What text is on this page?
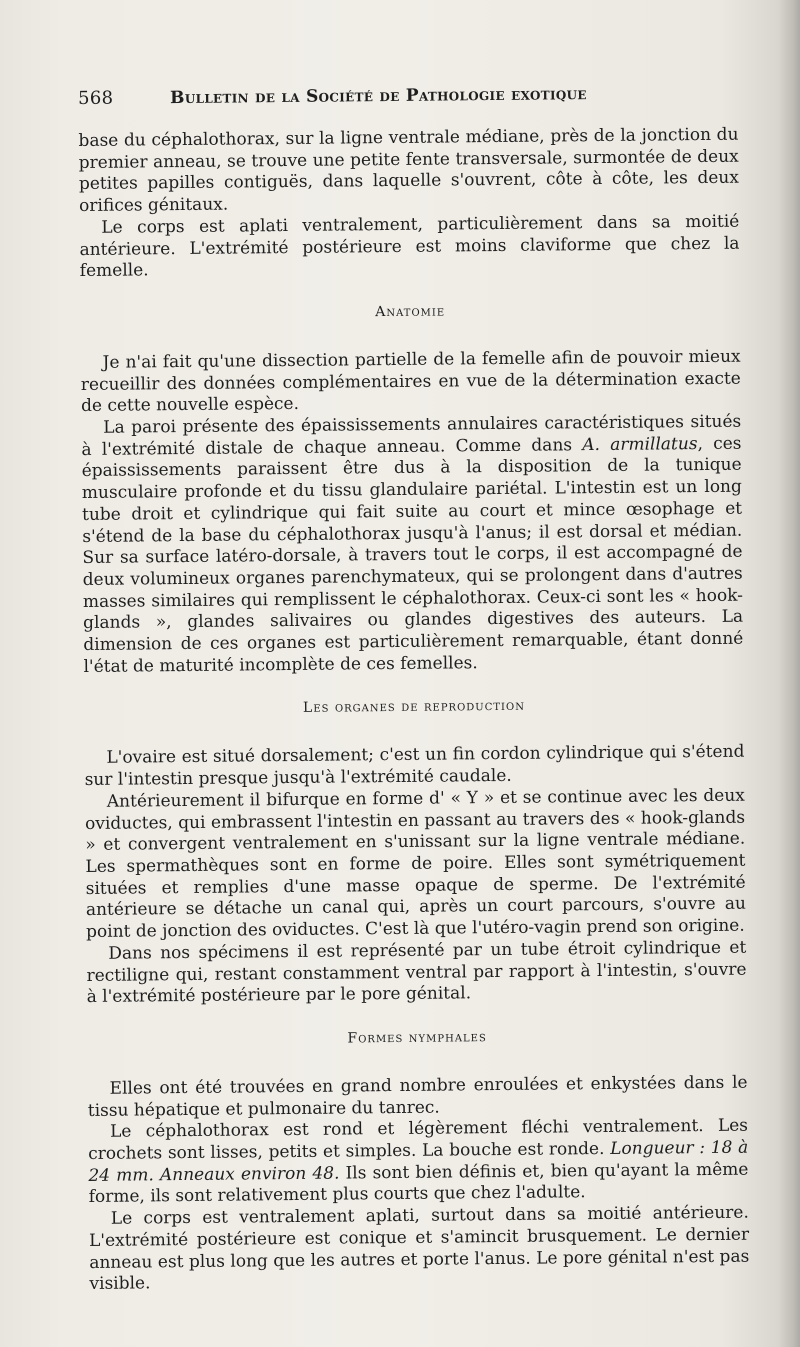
568	Bulletin de la Société de Pathologie exotique

base du céphalothorax, sur la ligne ventrale médiane, près de la jonction du premier anneau, se trouve une petite fente transversale, surmontée de deux petites papilles contiguës, dans laquelle s'ouvrent, côte à côte, les deux orifices génitaux.

Le corps est aplati ventralement, particulièrement dans sa moitié antérieure. L'extrémité postérieure est moins claviforme que chez la femelle.

Anatomie

Je n'ai fait qu'une dissection partielle de la femelle afin de pouvoir mieux recueillir des données complémentaires en vue de la détermination exacte de cette nouvelle espèce.

La paroi présente des épaississements annulaires caractéristiques situés à l'extrémité distale de chaque anneau. Comme dans A. armillatus, ces épaississements paraissent être dus à la disposition de la tunique musculaire profonde et du tissu glandulaire pariétal. L'intestin est un long tube droit et cylindrique qui fait suite au court et mince œsophage et s'étend de la base du céphalothorax jusqu'à l'anus; il est dorsal et médian. Sur sa surface latéro-dorsale, à travers tout le corps, il est accompagné de deux volumineux organes parenchymateux, qui se prolongent dans d'autres masses similaires qui remplissent le céphalothorax. Ceux-ci sont les « hook-glands », glandes salivaires ou glandes digestives des auteurs. La dimension de ces organes est particulièrement remarquable, étant donné l'état de maturité incomplète de ces femelles.

Les organes de reproduction

L'ovaire est situé dorsalement; c'est un fin cordon cylindrique qui s'étend sur l'intestin presque jusqu'à l'extrémité caudale.

Antérieurement il bifurque en forme d' « Y » et se continue avec les deux oviductes, qui embrassent l'intestin en passant au travers des « hook-glands » et convergent ventralement en s'unissant sur la ligne ventrale médiane. Les spermathèques sont en forme de poire. Elles sont symétriquement situées et remplies d'une masse opaque de sperme. De l'extrémité antérieure se détache un canal qui, après un court parcours, s'ouvre au point de jonction des oviductes. C'est là que l'utéro-vagin prend son origine.

Dans nos spécimens il est représenté par un tube étroit cylindrique et rectiligne qui, restant constamment ventral par rapport à l'intestin, s'ouvre à l'extrémité postérieure par le pore génital.

Formes nymphales

Elles ont été trouvées en grand nombre enroulées et enkystées dans le tissu hépatique et pulmonaire du tanrec.

Le céphalothorax est rond et légèrement fléchi ventralement. Les crochets sont lisses, petits et simples. La bouche est ronde. Longueur : 18 à 24 mm. Anneaux environ 48. Ils sont bien définis et, bien qu'ayant la même forme, ils sont relativement plus courts que chez l'adulte.

Le corps est ventralement aplati, surtout dans sa moitié antérieure. L'extrémité postérieure est conique et s'amincit brusquement. Le dernier anneau est plus long que les autres et porte l'anus. Le pore génital n'est pas visible.
